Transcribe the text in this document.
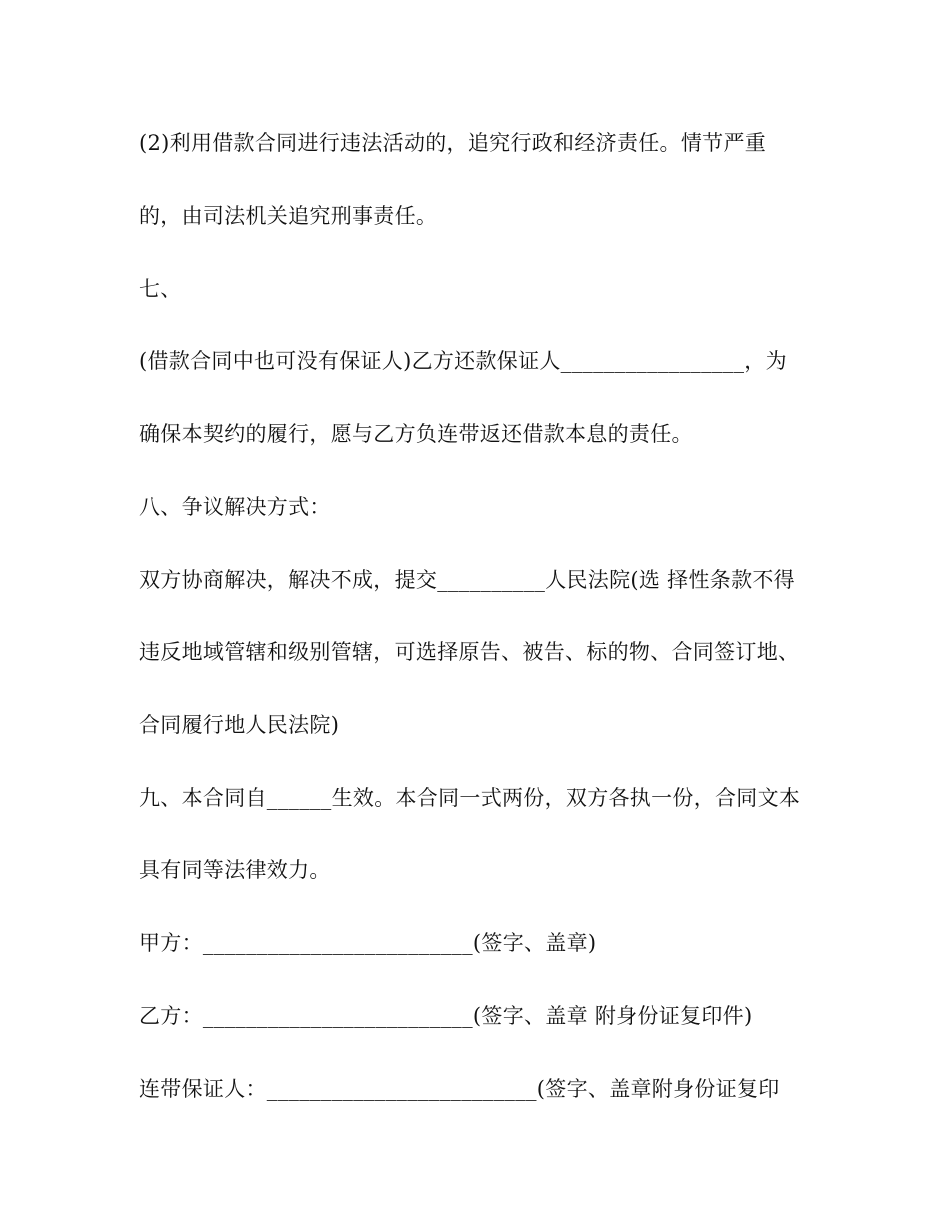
(2)利用借款合同进行违法活动的，追究行政和经济责任。情节严重
的，由司法机关追究刑事责任。
七、
(借款合同中也可没有保证人)乙方还款保证人_________________，为
确保本契约的履行，愿与乙方负连带返还借款本息的责任。
八、争议解决方式：
双方协商解决，解决不成，提交__________人民法院(选 择性条款不得
违反地域管辖和级别管辖，可选择原告、被告、标的物、合同签订地、
合同履行地人民法院)
九、本合同自______生效。本合同一式两份，双方各执一份，合同文本
具有同等法律效力。
甲方：_________________________(签字、盖章)
乙方：_________________________(签字、盖章 附身份证复印件)
连带保证人：_________________________(签字、盖章附身份证复印
